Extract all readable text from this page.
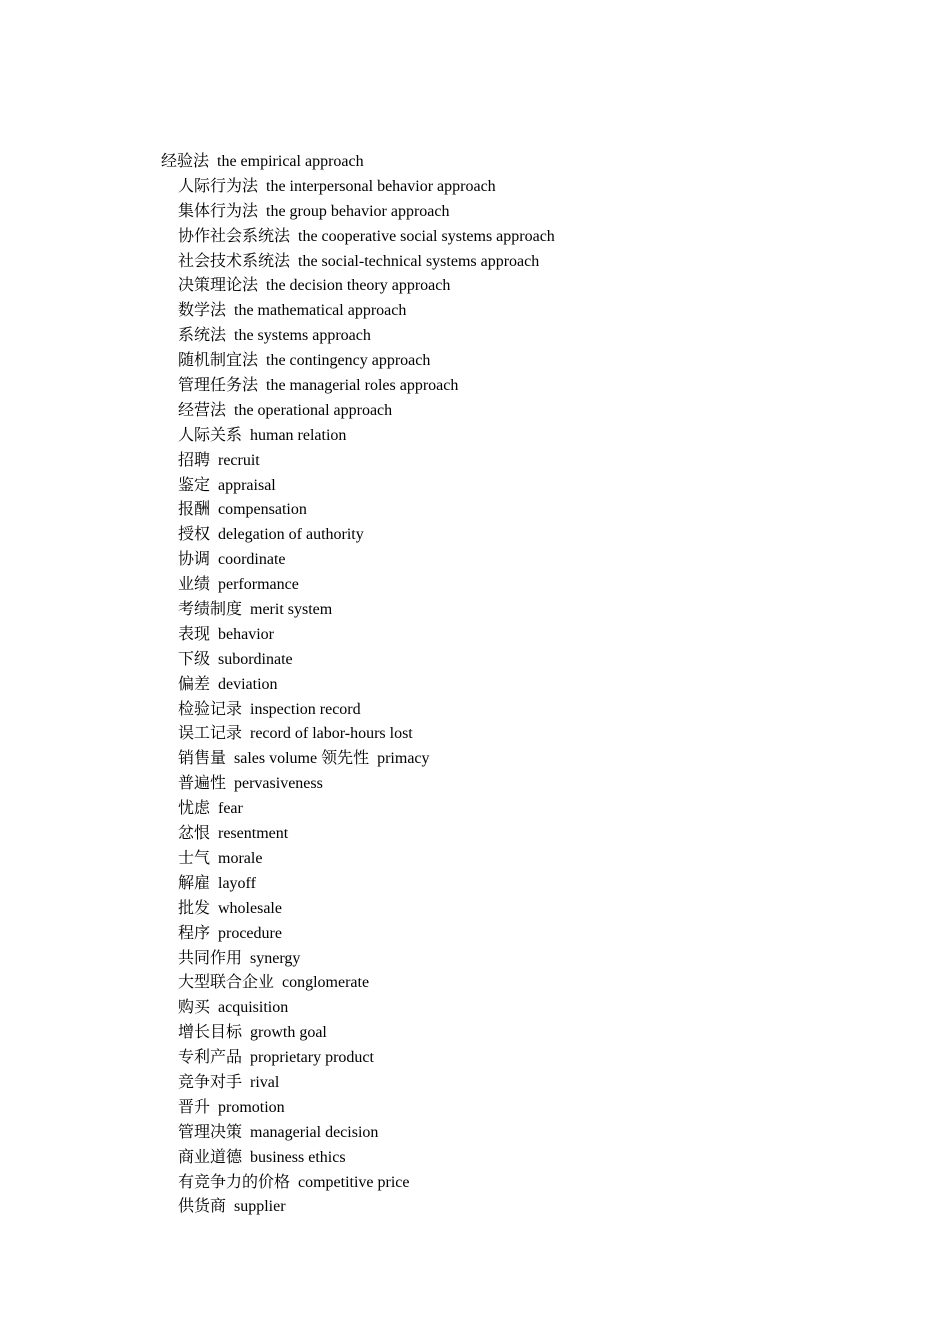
经验法  the empirical approach
人际行为法  the interpersonal behavior approach
集体行为法  the group behavior approach
协作社会系统法  the cooperative social systems approach
社会技术系统法  the social-technical systems approach
决策理论法  the decision theory approach
数学法  the mathematical approach
系统法  the systems approach
随机制宜法  the contingency approach
管理任务法  the managerial roles approach
经营法  the operational approach
人际关系  human relation
招聘  recruit
鉴定  appraisal
报酬  compensation
授权  delegation of authority
协调  coordinate
业绩  performance
考绩制度  merit system
表现  behavior
下级  subordinate
偏差  deviation
检验记录  inspection record
误工记录  record of labor-hours lost
销售量  sales volume 领先性  primacy
普遍性  pervasiveness
忧虑  fear
忿恨  resentment
士气  morale
解雇  layoff
批发  wholesale
程序  procedure
共同作用  synergy
大型联合企业  conglomerate
购买  acquisition
增长目标  growth goal
专利产品  proprietary product
竞争对手  rival
晋升  promotion
管理决策  managerial decision
商业道德  business ethics
有竞争力的价格  competitive price
供货商  supplier
